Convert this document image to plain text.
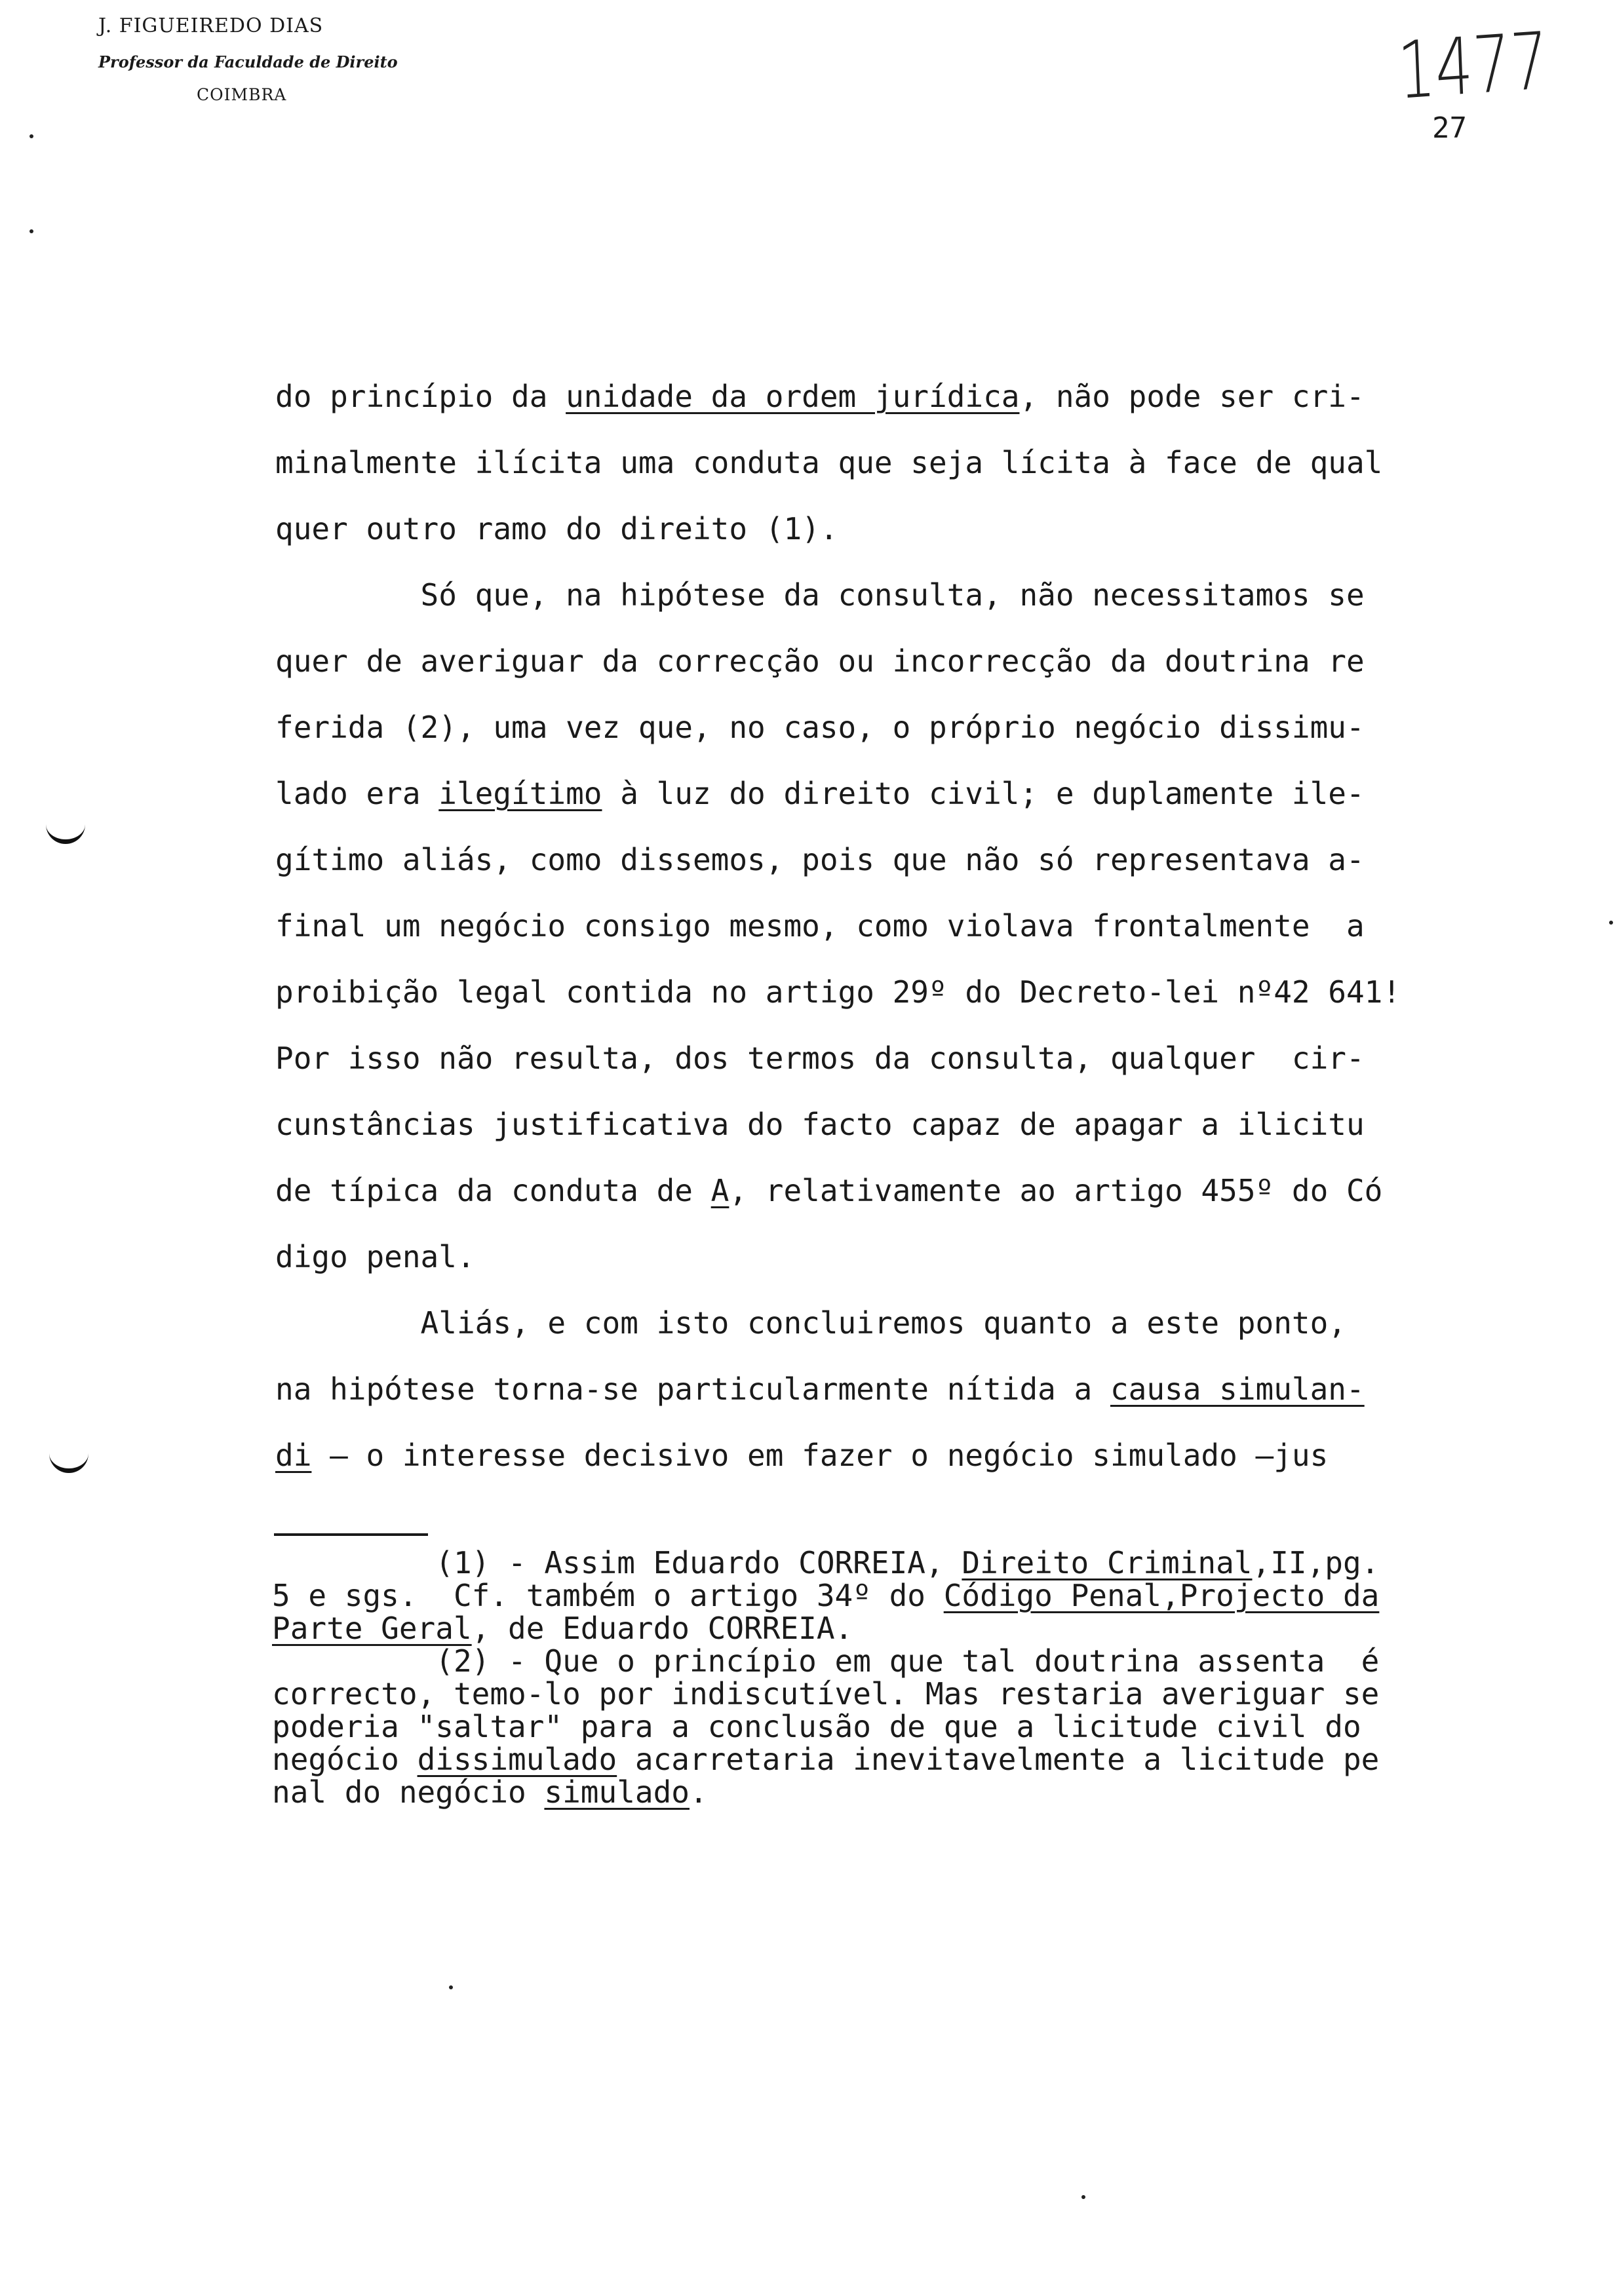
J. FIGUEIREDO DIAS
Professor da Faculdade de Direito
COIMBRA	1477
27
do princípio da unidade da ordem jurídica, não pode ser cri-
minalmente ilícita uma conduta que seja lícita à face de qual
quer outro ramo do direito (1).
Só que, na hipótese da consulta, não necessitamos se
quer de averiguar da correcção ou incorrecção da doutrina re
ferida (2), uma vez que, no caso, o próprio negócio dissimu-
lado era ilegítimo à luz do direito civil; e duplamente ile-
gítimo aliás, como dissemos, pois que não só representava a-
final um negócio consigo mesmo, como violava frontalmente  a
proibição legal contida no artigo 29º do Decreto-lei nº42 641!
Por isso não resulta, dos termos da consulta, qualquer  cir-
cunstâncias justificativa do facto capaz de apagar a ilicitu
de típica da conduta de A, relativamente ao artigo 455º do Có
digo penal.
Aliás, e com isto concluiremos quanto a este ponto,
na hipótese torna-se particularmente nítida a causa simulan-
di — o interesse decisivo em fazer o negócio simulado —jus
(1) - Assim Eduardo CORREIA, Direito Criminal,II,pg.
5 e sgs.  Cf. também o artigo 34º do Código Penal,Projecto da
Parte Geral, de Eduardo CORREIA.
(2) - Que o princípio em que tal doutrina assenta  é
correcto, temo-lo por indiscutível. Mas restaria averiguar se
poderia "saltar" para a conclusão de que a licitude civil do
negócio dissimulado acarretaria inevitavelmente a licitude pe
nal do negócio simulado.
